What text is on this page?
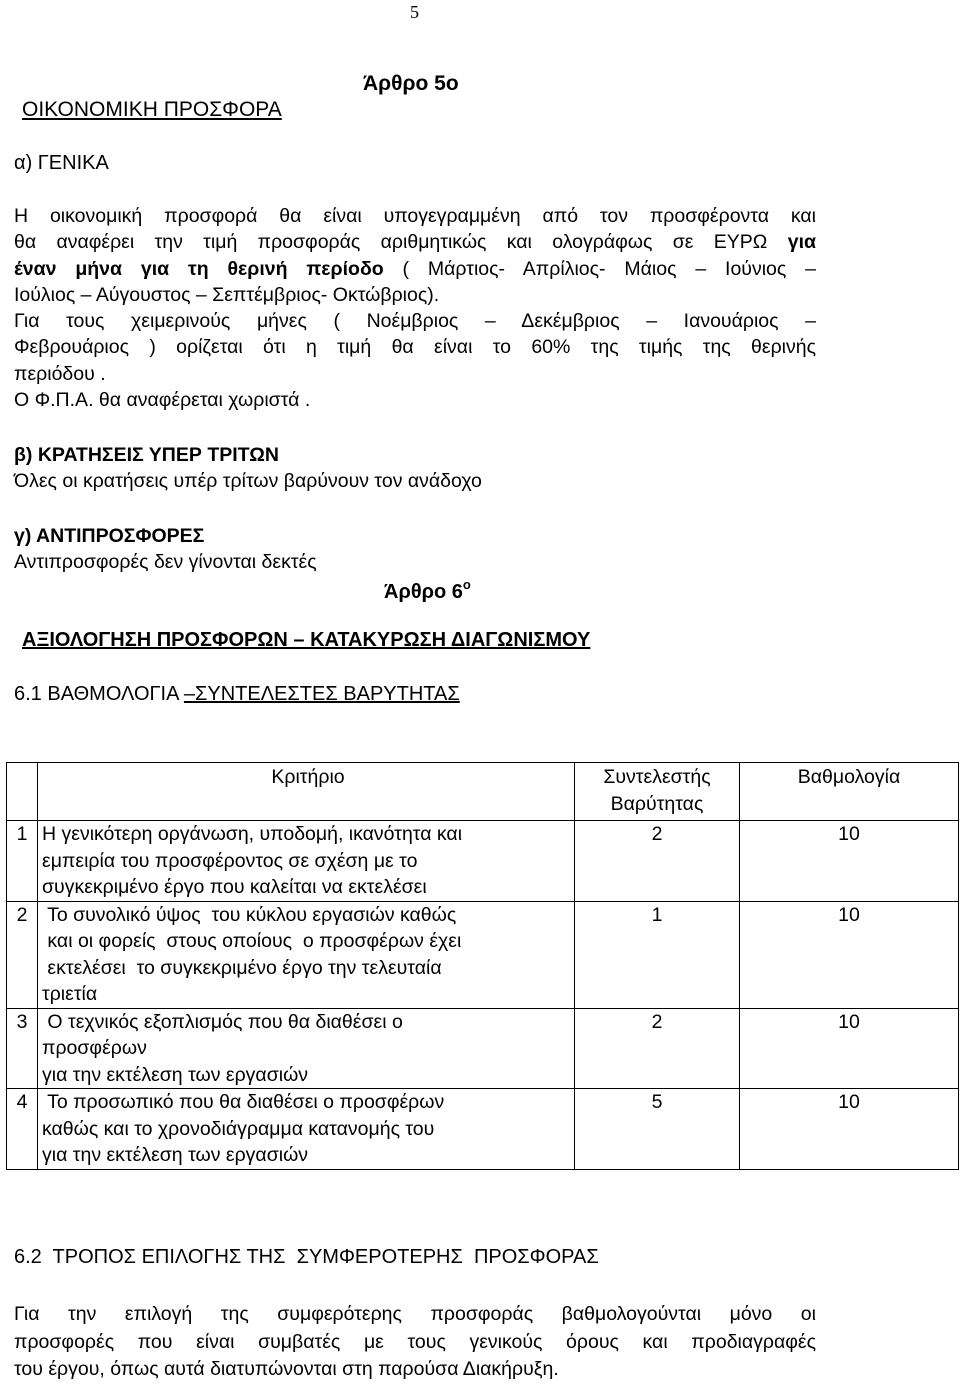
5
Άρθρο 5ο
ΟΙΚΟΝΟΜΙΚΗ ΠΡΟΣΦΟΡΑ
α) ΓΕΝΙΚΑ
Η οικονομική προσφορά θα είναι υπογεγραμμένη από τον προσφέροντα και
θα αναφέρει την τιμή προσφοράς αριθμητικώς και ολογράφως σε ΕΥΡΩ για
έναν μήνα για τη θερινή περίοδο ( Μάρτιος- Απρίλιος- Μάιος – Ιούνιος –
Ιούλιος – Αύγουστος – Σεπτέμβριος- Οκτώβριος).
Για τους χειμερινούς μήνες ( Νοέμβριος – Δεκέμβριος – Ιανουάριος –
Φεβρουάριος ) ορίζεται ότι η τιμή θα είναι το 60% της τιμής της θερινής
περιόδου .
Ο Φ.Π.Α. θα αναφέρεται χωριστά .
β) ΚΡΑΤΗΣΕΙΣ ΥΠΕΡ ΤΡΙΤΩΝ
Όλες οι κρατήσεις υπέρ τρίτων βαρύνουν τον ανάδοχο
γ) ΑΝΤΙΠΡΟΣΦΟΡΕΣ
Αντιπροσφορές δεν γίνονται δεκτές
Άρθρο $6^o$
ΑΞΙΟΛΟΓΗΣΗ ΠΡΟΣΦΟΡΩΝ – ΚΑΤΑΚΥΡΩΣΗ ΔΙΑΓΩΝΙΣΜΟΥ
6.1 ΒΑΘΜΟΛΟΓΙΑ –ΣΥΝΤΕΛΕΣΤΕΣ ΒΑΡΥΤΗΤΑΣ
	Κριτήριο	Συντελεστής
Βαρύτητας	Βαθμολογία
1	Η γενικότερη οργάνωση, υποδομή, ικανότητα και
εμπειρία του προσφέροντος σε σχέση με το
συγκεκριμένο έργο που καλείται να εκτελέσει	2	10
2	Το συνολικό ύψος  του κύκλου εργασιών καθώς
και οι φορείς  στους οποίους  ο προσφέρων έχει
εκτελέσει  το συγκεκριμένο έργο την τελευταία
τριετία	1	10
3	Ο τεχνικός εξοπλισμός που θα διαθέσει ο
προσφέρων
για την εκτέλεση των εργασιών	2	10
4	Το προσωπικό που θα διαθέσει ο προσφέρων
καθώς και το χρονοδιάγραμμα κατανομής του
για την εκτέλεση των εργασιών	5	10
6.2  ΤΡΟΠΟΣ ΕΠΙΛΟΓΗΣ ΤΗΣ  ΣΥΜΦΕΡΟΤΕΡΗΣ  ΠΡΟΣΦΟΡΑΣ
Για την επιλογή της συμφερότερης προσφοράς βαθμολογούνται μόνο οι
προσφορές που είναι συμβατές με τους γενικούς όρους και προδιαγραφές
του έργου, όπως αυτά διατυπώνονται στη παρούσα Διακήρυξη.
